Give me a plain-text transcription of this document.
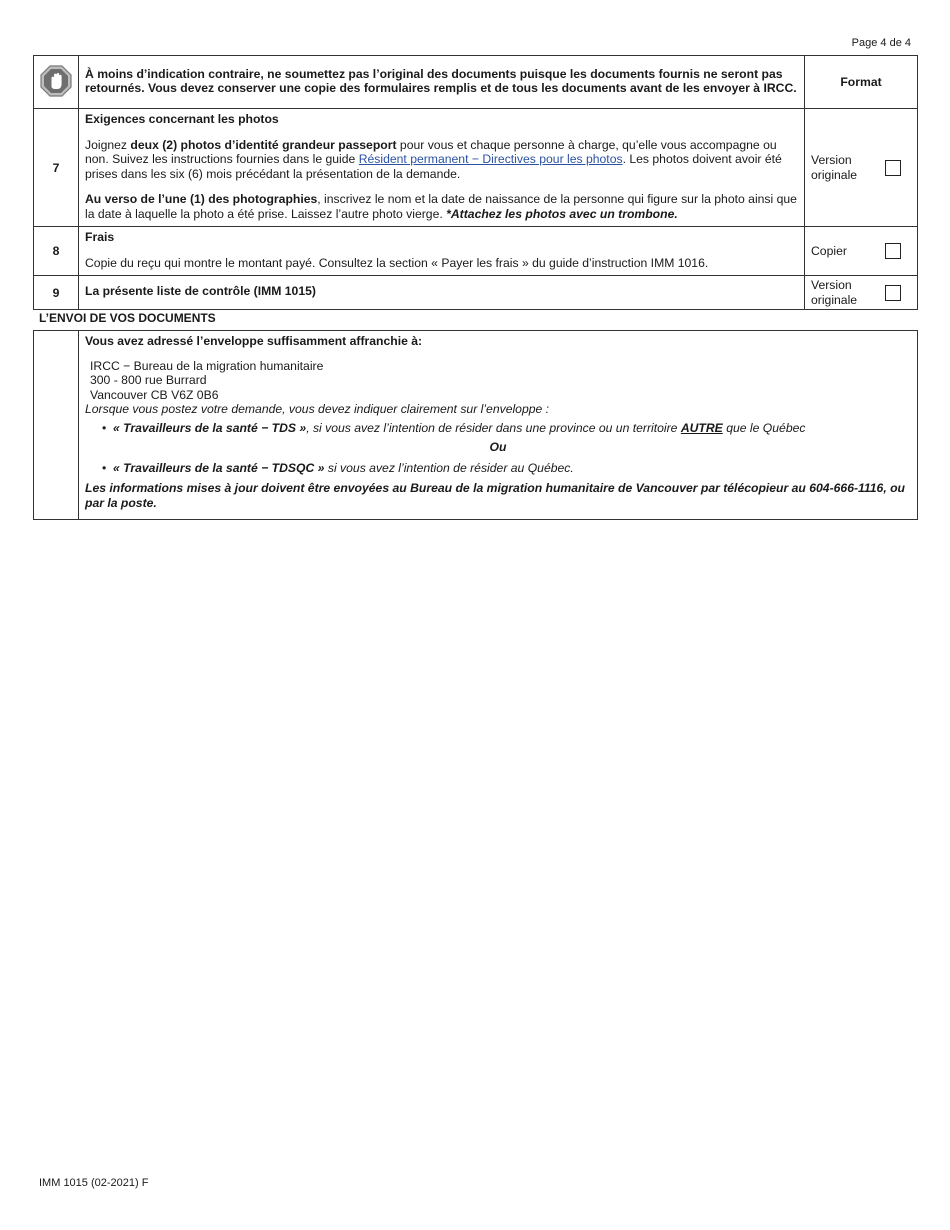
Page 4 de 4
	À moins d’indication contraire, ne soumettez pas l’original des documents puisque les documents fournis ne seront pas retournés. Vous devez conserver une copie des formulaires remplis et de tous les documents avant de les envoyer à IRCC.	Format
7	Exigences concernant les photos

Joignez deux (2) photos d’identité grandeur passeport pour vous et chaque personne à charge, qu’elle vous accompagne ou non. Suivez les instructions fournies dans le guide Résident permanent − Directives pour les photos. Les photos doivent avoir été prises dans les six (6) mois précédant la présentation de la demande.

Au verso de l’une (1) des photographies, inscrivez le nom et la date de naissance de la personne qui figure sur la photo ainsi que la date à laquelle la photo a été prise. Laissez l’autre photo vierge. *Attachez les photos avec un trombone.	Version originale

8	Frais

Copie du reçu qui montre le montant payé. Consultez la section « Payer les frais » du guide d’instruction IMM 1016.	Copier

9	La présente liste de contrôle (IMM 1015)	Version originale
L’ENVOI DE VOS DOCUMENTS

Vous avez adressé l’enveloppe suffisamment affranchie à:

IRCC − Bureau de la migration humanitaire

300 - 800 rue Burrard

Vancouver CB V6Z 0B6

Lorsque vous postez votre demande, vous devez indiquer clairement sur l’enveloppe :

• « Travailleurs de la santé − TDS », si vous avez l’intention de résider dans une province ou un territoire AUTRE que le Québec

Ou

• « Travailleurs de la santé − TDSQC » si vous avez l’intention de résider au Québec.

Les informations mises à jour doivent être envoyées au Bureau de la migration humanitaire de Vancouver par télécopieur au 604-666-1116, ou par la poste.

IMM 1015 (02-2021) F
